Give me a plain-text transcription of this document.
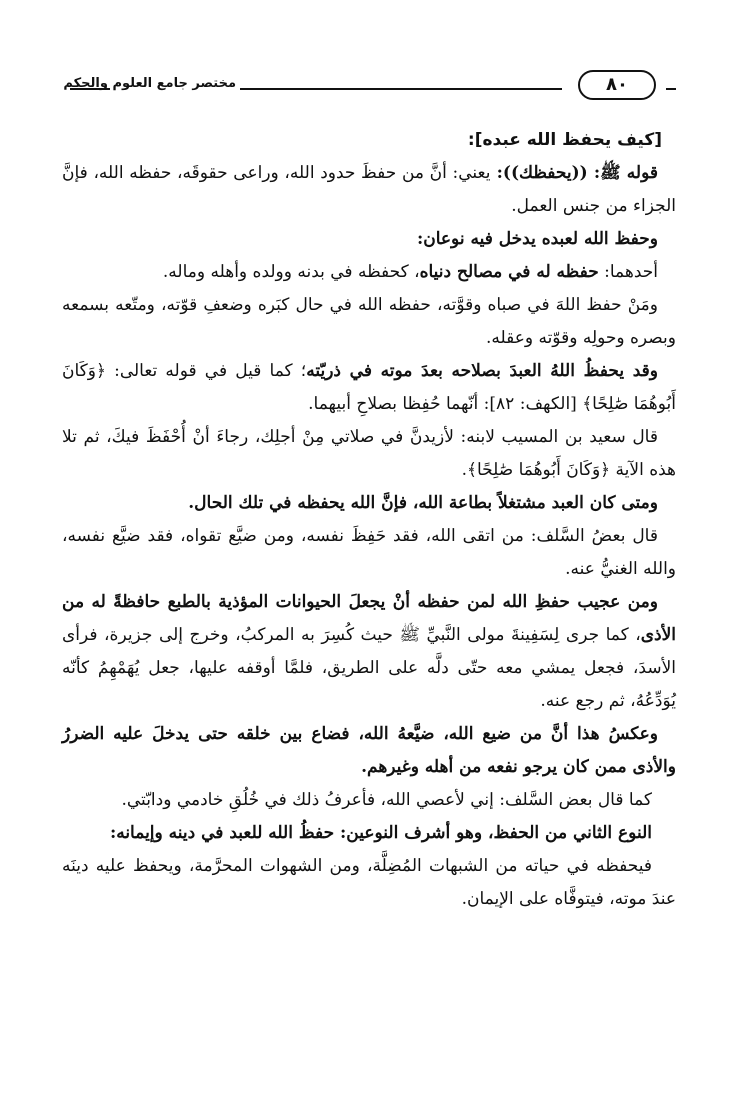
مختصر جامع العلوم والحكم	٨٠

[كيف يحفظ الله عبده]:

قوله ﷺ: ((يحفظك)): يعني: أنَّ من حفظَ حدود الله، وراعى حقوقَه، حفظه الله، فإنَّ الجزاء من جنس العمل.

وحفظ الله لعبده يدخل فيه نوعان:

أحدهما: حفظه له في مصالح دنياه، كحفظه في بدنه وولده وأهله وماله.

ومَنْ حفظ اللهَ في صباه وقوَّته، حفظه الله في حال كبَره وضعفِ قوّته، ومتّعه بسمعه وبصره وحولِه وقوّته وعقله.

وقد يحفظُ اللهُ العبدَ بصلاحه بعدَ موته في ذريّته؛ كما قيل في قوله تعالى: ﴿وَكَانَ أَبُوهُمَا صَٰلِحًا﴾ [الكهف: ٨٢]: أنّهما حُفِظا بصلاحِ أبيهما.

قال سعيد بن المسيب لابنه: لأزيدنَّ في صلاتي مِنْ أجلِك، رجاءَ أنْ أُحْفَظَ فيكَ، ثم تلا هذه الآية ﴿وَكَانَ أَبُوهُمَا صَٰلِحًا﴾.

ومتى كان العبد مشتغلاً بطاعة الله، فإنَّ الله يحفظه في تلك الحال.

قال بعضُ السَّلف: من اتقى الله، فقد حَفِظَ نفسه، ومن ضيَّع تقواه، فقد ضيَّع نفسه، والله الغنيُّ عنه.

ومن عجيب حفظِ الله لمن حفظه أنْ يجعلَ الحيوانات المؤذية بالطبع حافظةً له من الأذى، كما جرى لِسَفِينةَ مولى النَّبيِّ ﷺ حيث كُسِرَ به المركبُ، وخرج إلى جزيرة، فرأى الأسدَ، فجعل يمشي معه حتّى دلَّه على الطريق، فلمَّا أوقفه عليها، جعل يُهَمْهِمُ كأنّه يُوَدِّعُهُ، ثم رجع عنه.

وعكسُ هذا أنَّ من ضيع الله، ضيَّعهُ الله، فضاع بين خلقه حتى يدخلَ عليه الضررُ والأذى ممن كان يرجو نفعه من أهله وغيرهم.

كما قال بعض السَّلف: إني لأعصي الله، فأعرفُ ذلك في خُلُقِ خادمي ودابّتي.

النوع الثاني من الحفظ، وهو أشرف النوعين: حفظُ الله للعبد في دينه وإيمانه:

فيحفظه في حياته من الشبهات المُضِلَّة، ومن الشهوات المحرَّمة، ويحفظ عليه دينَه عندَ موته، فيتوفَّاه على الإيمان.
